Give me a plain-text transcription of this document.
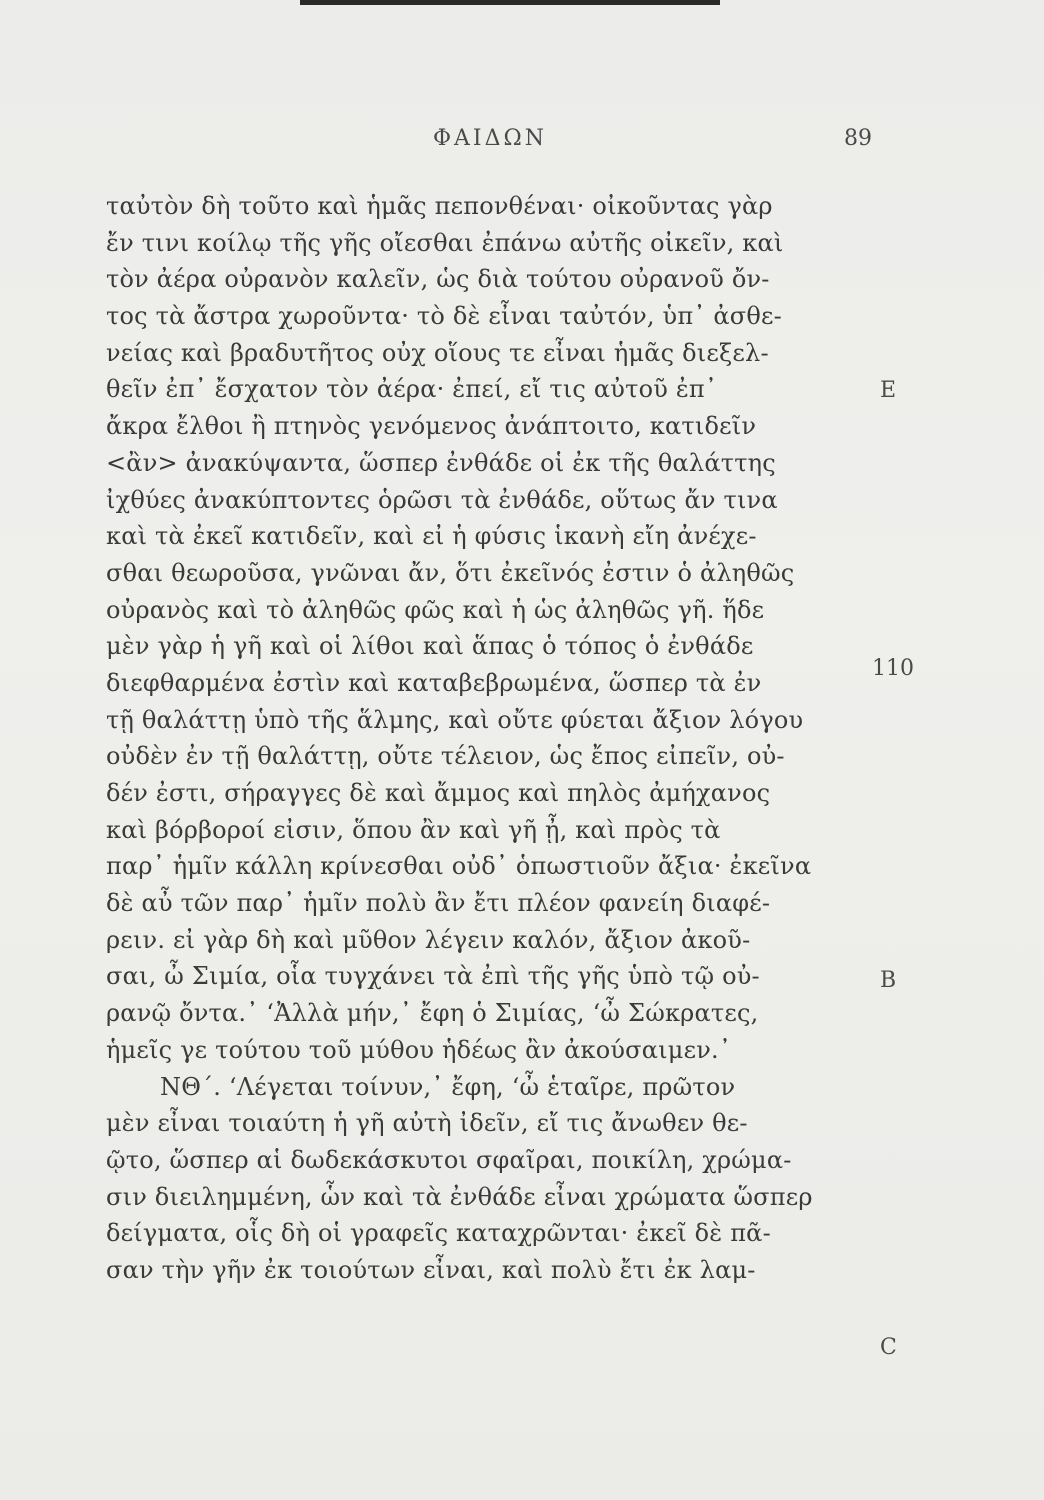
ΦΑΙΔΩΝ	89
ταὐτὸν δὴ τοῦτο καὶ ἡμᾶς πεπονθέναι· οἰκοῦντας γὰρ
ἔν τινι κοίλῳ τῆς γῆς οἴεσθαι ἐπάνω αὐτῆς οἰκεῖν, καὶ
τὸν ἀέρα οὐρανὸν καλεῖν, ὡς διὰ τούτου οὐρανοῦ ὄν-
τος τὰ ἄστρα χωροῦντα· τὸ δὲ εἶναι ταὐτόν, ὑπ᾽ ἀσθε-
νείας καὶ βραδυτῆτος οὐχ οἵους τε εἶναι ἡμᾶς διεξελ-
θεῖν ἐπ᾽ ἔσχατον τὸν ἀέρα· ἐπεί, εἴ τις αὐτοῦ ἐπ᾽
ἄκρα ἔλθοι ἢ πτηνὸς γενόμενος ἀνάπτοιτο, κατιδεῖν
<ἂν> ἀνακύψαντα, ὥσπερ ἐνθάδε οἱ ἐκ τῆς θαλάττης
ἰχθύες ἀνακύπτοντες ὁρῶσι τὰ ἐνθάδε, οὕτως ἄν τινα
καὶ τὰ ἐκεῖ κατιδεῖν, καὶ εἰ ἡ φύσις ἱκανὴ εἴη ἀνέχε-
σθαι θεωροῦσα, γνῶναι ἄν, ὅτι ἐκεῖνός ἐστιν ὁ ἀληθῶς
οὐρανὸς καὶ τὸ ἀληθῶς φῶς καὶ ἡ ὡς ἀληθῶς γῆ. ἥδε
μὲν γὰρ ἡ γῆ καὶ οἱ λίθοι καὶ ἅπας ὁ τόπος ὁ ἐνθάδε
διεφθαρμένα ἐστὶν καὶ καταβεβρωμένα, ὥσπερ τὰ ἐν
τῇ θαλάττῃ ὑπὸ τῆς ἅλμης, καὶ οὔτε φύεται ἄξιον λόγου
οὐδὲν ἐν τῇ θαλάττῃ, οὔτε τέλειον, ὡς ἔπος εἰπεῖν, οὐ-
δέν ἐστι, σήραγγες δὲ καὶ ἄμμος καὶ πηλὸς ἀμήχανος
καὶ βόρβοροί εἰσιν, ὅπου ἂν καὶ γῆ ᾖ, καὶ πρὸς τὰ
παρ᾽ ἡμῖν κάλλη κρίνεσθαι οὐδ᾽ ὁπωστιοῦν ἄξια· ἐκεῖνα
δὲ αὖ τῶν παρ᾽ ἡμῖν πολὺ ἂν ἔτι πλέον φανείη διαφέ-
ρειν. εἰ γὰρ δὴ καὶ μῦθον λέγειν καλόν, ἄξιον ἀκοῦ-
σαι, ὦ Σιμία, οἷα τυγχάνει τὰ ἐπὶ τῆς γῆς ὑπὸ τῷ οὐ-
ρανῷ ὄντα.᾽ ‘Ἀλλὰ μήν,᾽ ἔφη ὁ Σιμίας, ‘ὦ Σώκρατες,
ἡμεῖς γε τούτου τοῦ μύθου ἡδέως ἂν ἀκούσαιμεν.᾽
ΝΘ΄. ‘Λέγεται τοίνυν,᾽ ἔφη, ‘ὦ ἑταῖρε, πρῶτον
μὲν εἶναι τοιαύτη ἡ γῆ αὐτὴ ἰδεῖν, εἴ τις ἄνωθεν θε-
ῷτο, ὥσπερ αἱ δωδεκάσκυτοι σφαῖραι, ποικίλη, χρώμα-
σιν διειλημμένη, ὧν καὶ τὰ ἐνθάδε εἶναι χρώματα ὥσπερ
δείγματα, οἷς δὴ οἱ γραφεῖς καταχρῶνται· ἐκεῖ δὲ πᾶ-
σαν τὴν γῆν ἐκ τοιούτων εἶναι, καὶ πολὺ ἔτι ἐκ λαμ-
E
110
B
C
